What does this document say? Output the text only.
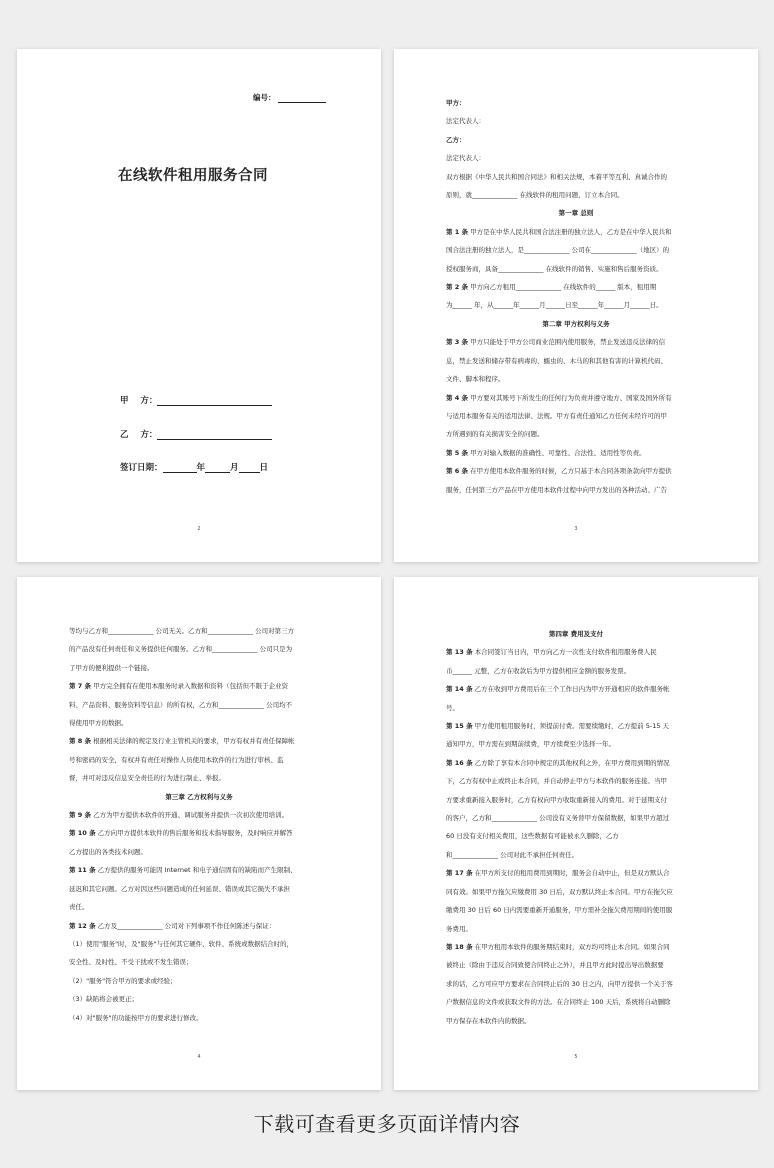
编号：
在线软件租用服务合同
甲    方：
乙    方：
签订日期：	年	月 日
2

甲方：

法定代表人：

乙方：

法定代表人：

双方根据《中华人民共和国合同法》和相关法规，本着平等互利、真诚合作的

原则，就______________ 在线软件的租用问题，订立本合同。

第一章 总则

第 1 条 甲方是在中华人民共和国合法注册的独立法人，乙方是在中华人民共和

国合法注册的独立法人，是______________ 公司在______________（地区）的

授权服务商，具备______________ 在线软件的销售、实施和售后服务资质。

第 2 条 甲方向乙方租用______________ 在线软件的______ 版本，租用期

为______ 年，从______年______月______日至______年______月______日。

第二章 甲方权利与义务

第 3 条 甲方只能处于甲方公司商业范围内使用服务，禁止发送违反法律的信

息，禁止发送和储存带有病毒的、蠕虫的、木马的和其他有害的计算机代码、

文件、脚本和程序。

第 4 条 甲方要对其账号下所发生的任何行为负责并遵守地方、国家及国外所有

与适用本服务有关的适用法律、法规。甲方有责任通知乙方任何未经许可的甲

方所遇到的有关损害安全的问题。

第 5 条 甲方对输入数据的准确性、可靠性、合法性、适用性等负责。

第 6 条 在甲方使用本软件服务的时候，乙方只基于本合同各项条款向甲方提供

服务，任何第三方产品在甲方使用本软件过程中向甲方发出的各种活动、广告

3

等均与乙方和______________ 公司无关。乙方和______________ 公司对第三方

的产品没有任何责任和义务提供任何服务。乙方和______________ 公司只是为

了甲方的便利提供一个链接。

第 7 条 甲方完全拥有在使用本服务时录入数据和资料（包括但不限于企业资

料、产品资料、服务资料等信息）的所有权，乙方和______________ 公司均不

得使用甲方的数据。

第 8 条 根据相关法律的规定及行业主管机关的要求，甲方有权并有责任保障帐

号和密码的安全，有权并有责任对操作人员使用本软件的行为进行审核、监

督，并可对违反信息安全责任的行为进行制止、举报。

第三章 乙方权利与义务

第 9 条 乙方为甲方提供本软件的开通、调试服务并提供一次初次使用培训。

第 10 条 乙方向甲方提供本软件的售后服务和技术指导服务，及时响应并解答

乙方提出的各类技术问题。

第 11 条 乙方提供的服务可能因 Internet 和电子通信固有的缺陷而产生限制、

延迟和其它问题。乙方对因这些问题造成的任何延误、错误或其它损失不承担

责任。

第 12 条 乙方及______________ 公司对下列事项不作任何陈述与保证：

（1）使用"服务"时，及"服务"与任何其它硬件、软件、系统或数据结合时的，

安全性、及时性、不受干扰或不发生错误；

（2）"服务"符合甲方的要求或经验；

（3）缺陷将会被更正；

（4）对"服务"的功能按甲方的要求进行修改。

4

第四章 费用及支付

第 13 条 本合同签订当日内，甲方向乙方一次性支付软件租用服务费人民

币______ 元整，乙方在收款后为甲方提供相应金额的服务发票。

第 14 条 乙方在收到甲方费用后在三个工作日内为甲方开通相应的软件服务帐

号。

第 15 条 甲方使用租用服务时，须提前付费。需要续缴时，乙方提前 5-15 天

通知甲方，甲方需在到期前续费，甲方续费至少选择一年。

第 16 条 乙方除了享有本合同中规定的其他权利之外，在甲方费用到期的情况

下，乙方有权中止或终止本合同，并自动停止甲方与本软件的服务连接。当甲

方要求重新接入服务时，乙方有权向甲方收取重新接入的费用。对于延期支付

的客户，乙方和______________ 公司没有义务替甲方保留数据，如果甲方超过

60 日没有支付相关费用，这些数据有可能被永久删除，乙方

和______________ 公司对此不承担任何责任。

第 17 条 在甲方所支付的租用费用到期时，服务会自动中止，但是双方默认合

同有效。如果甲方拖欠应缴费用 30 日后，双方默认终止本合同。甲方在拖欠应

缴费用 30 日后 60 日内需要重新开通服务，甲方需补全拖欠费用期间的使用服

务费用。

第 18 条 在甲方租用本软件的服务期结束时，双方均可终止本合同。如果合同

被终止（除由于违反合同致使合同终止之外），并且甲方此时提出导出数据要

求的话，乙方可应甲方要求在合同终止后的 30 日之内，向甲方提供一个关于客

户数据信息的文件或获取文件的方法。在合同终止 100 天后，系统将自动删除

甲方保存在本软件内的数据。

5
下载可查看更多页面详情内容
